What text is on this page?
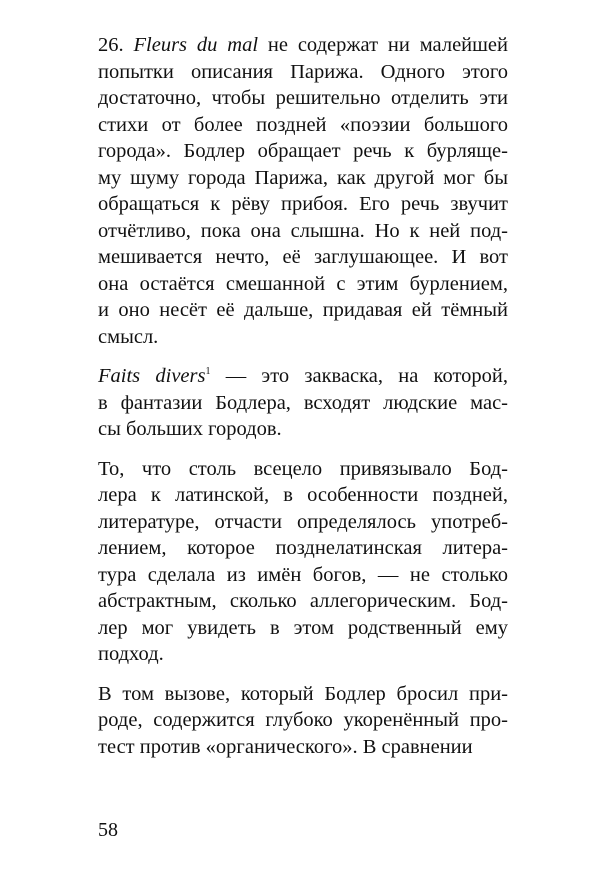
26. Fleurs du mal не содержат ни малейшей
попытки описания Парижа. Одного этого
достаточно, чтобы решительно отделить эти
стихи от более поздней «поэзии большого
города». Бодлер обращает речь к бурляще-
му шуму города Парижа, как другой мог бы
обращаться к рёву прибоя. Его речь звучит
отчётливо, пока она слышна. Но к ней под-
мешивается нечто, её заглушающее. И вот
она остаётся смешанной с этим бурлением,
и оно несёт её дальше, придавая ей тёмный
смысл.
Faits divers$^1$ — это закваска, на которой,
в фантазии Бодлера, всходят людские мас-
сы больших городов.
То, что столь всецело привязывало Бод-
лера к латинской, в особенности поздней,
литературе, отчасти определялось употреб-
лением, которое позднелатинская литера-
тура сделала из имён богов, — не столько
абстрактным, сколько аллегорическим. Бод-
лер мог увидеть в этом родственный ему
подход.
В том вызове, который Бодлер бросил при-
роде, содержится глубоко укоренённый про-
тест против «органического». В сравнении
58
